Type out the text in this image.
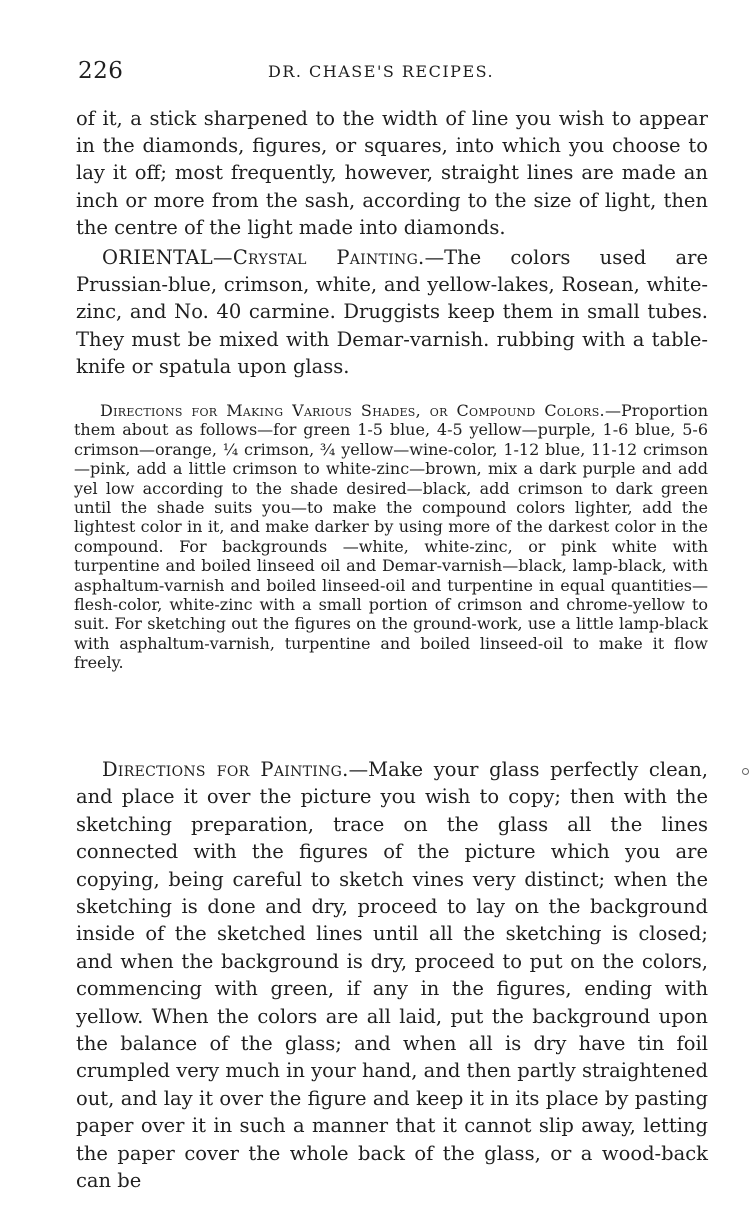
226	DR. CHASE'S RECIPES.

of it, a stick sharpened to the width of line you wish to appear in the diamonds, figures, or squares, into which you choose to lay it off; most frequently, however, straight lines are made an inch or more from the sash, according to the size of light, then the centre of the light made into diamonds.

ORIENTAL—Crystal Painting.—The colors used are Prussian-blue, crimson, white, and yellow-lakes, Rosean, white-zinc, and No. 40 carmine. Druggists keep them in small tubes. They must be mixed with Demar-varnish. rubbing with a table-knife or spatula upon glass.

Directions for Making Various Shades, or Compound Colors.—Proportion them about as follows—for green 1-5 blue, 4-5 yellow—purple, 1-6 blue, 5-6 crimson—orange, ¼ crimson, ¾ yellow—wine-color, 1-12 blue, 11-12 crimson—pink, add a little crimson to white-zinc—brown, mix a dark purple and add yel low according to the shade desired—black, add crimson to dark green until the shade suits you—to make the compound colors lighter, add the lightest color in it, and make darker by using more of the darkest color in the compound. For backgrounds —white, white-zinc, or pink white with turpentine and boiled linseed oil and Demar-varnish—black, lamp-black, with asphaltum-varnish and boiled linseed-oil and turpentine in equal quantities—flesh-color, white-zinc with a small portion of crimson and chrome-yellow to suit. For sketching out the figures on the ground-work, use a little lamp-black with asphaltum-varnish, turpentine and boiled linseed-oil to make it flow freely.

Directions for Painting.—Make your glass perfectly clean, and place it over the picture you wish to copy; then with the sketching preparation, trace on the glass all the lines connected with the figures of the picture which you are copying, being careful to sketch vines very distinct; when the sketching is done and dry, proceed to lay on the background inside of the sketched lines until all the sketching is closed; and when the background is dry, proceed to put on the colors, commencing with green, if any in the figures, ending with yellow. When the colors are all laid, put the background upon the balance of the glass; and when all is dry have tin foil crumpled very much in your hand, and then partly straightened out, and lay it over the figure and keep it in its place by pasting paper over it in such a manner that it cannot slip away, letting the paper cover the whole back of the glass, or a wood-back can be
